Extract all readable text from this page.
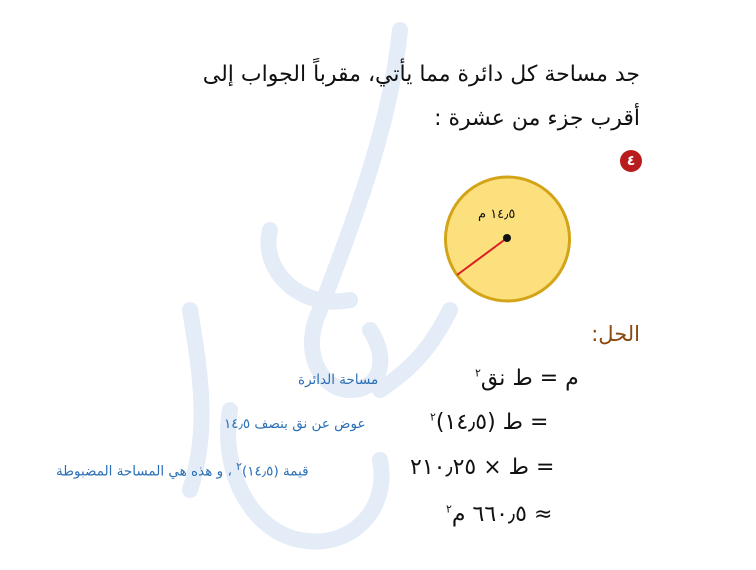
جد مساحة كل دائرة مما يأتي، مقرباً الجواب إلى
أقرب جزء من عشرة :
٤
١٤٫٥ م
الحل:
م = ط نق$^٢$
مساحة الدائرة
= ط (١٤٫٥)$^٢$
عوض عن نق بنصف ١٤٫٥
= ط × ٢١٠٫٢٥
قيمة (١٤٫٥)$^٢$ ، و هذه هي المساحة المضبوطة
≈ ٦٦٠٫٥ م$^٢$
